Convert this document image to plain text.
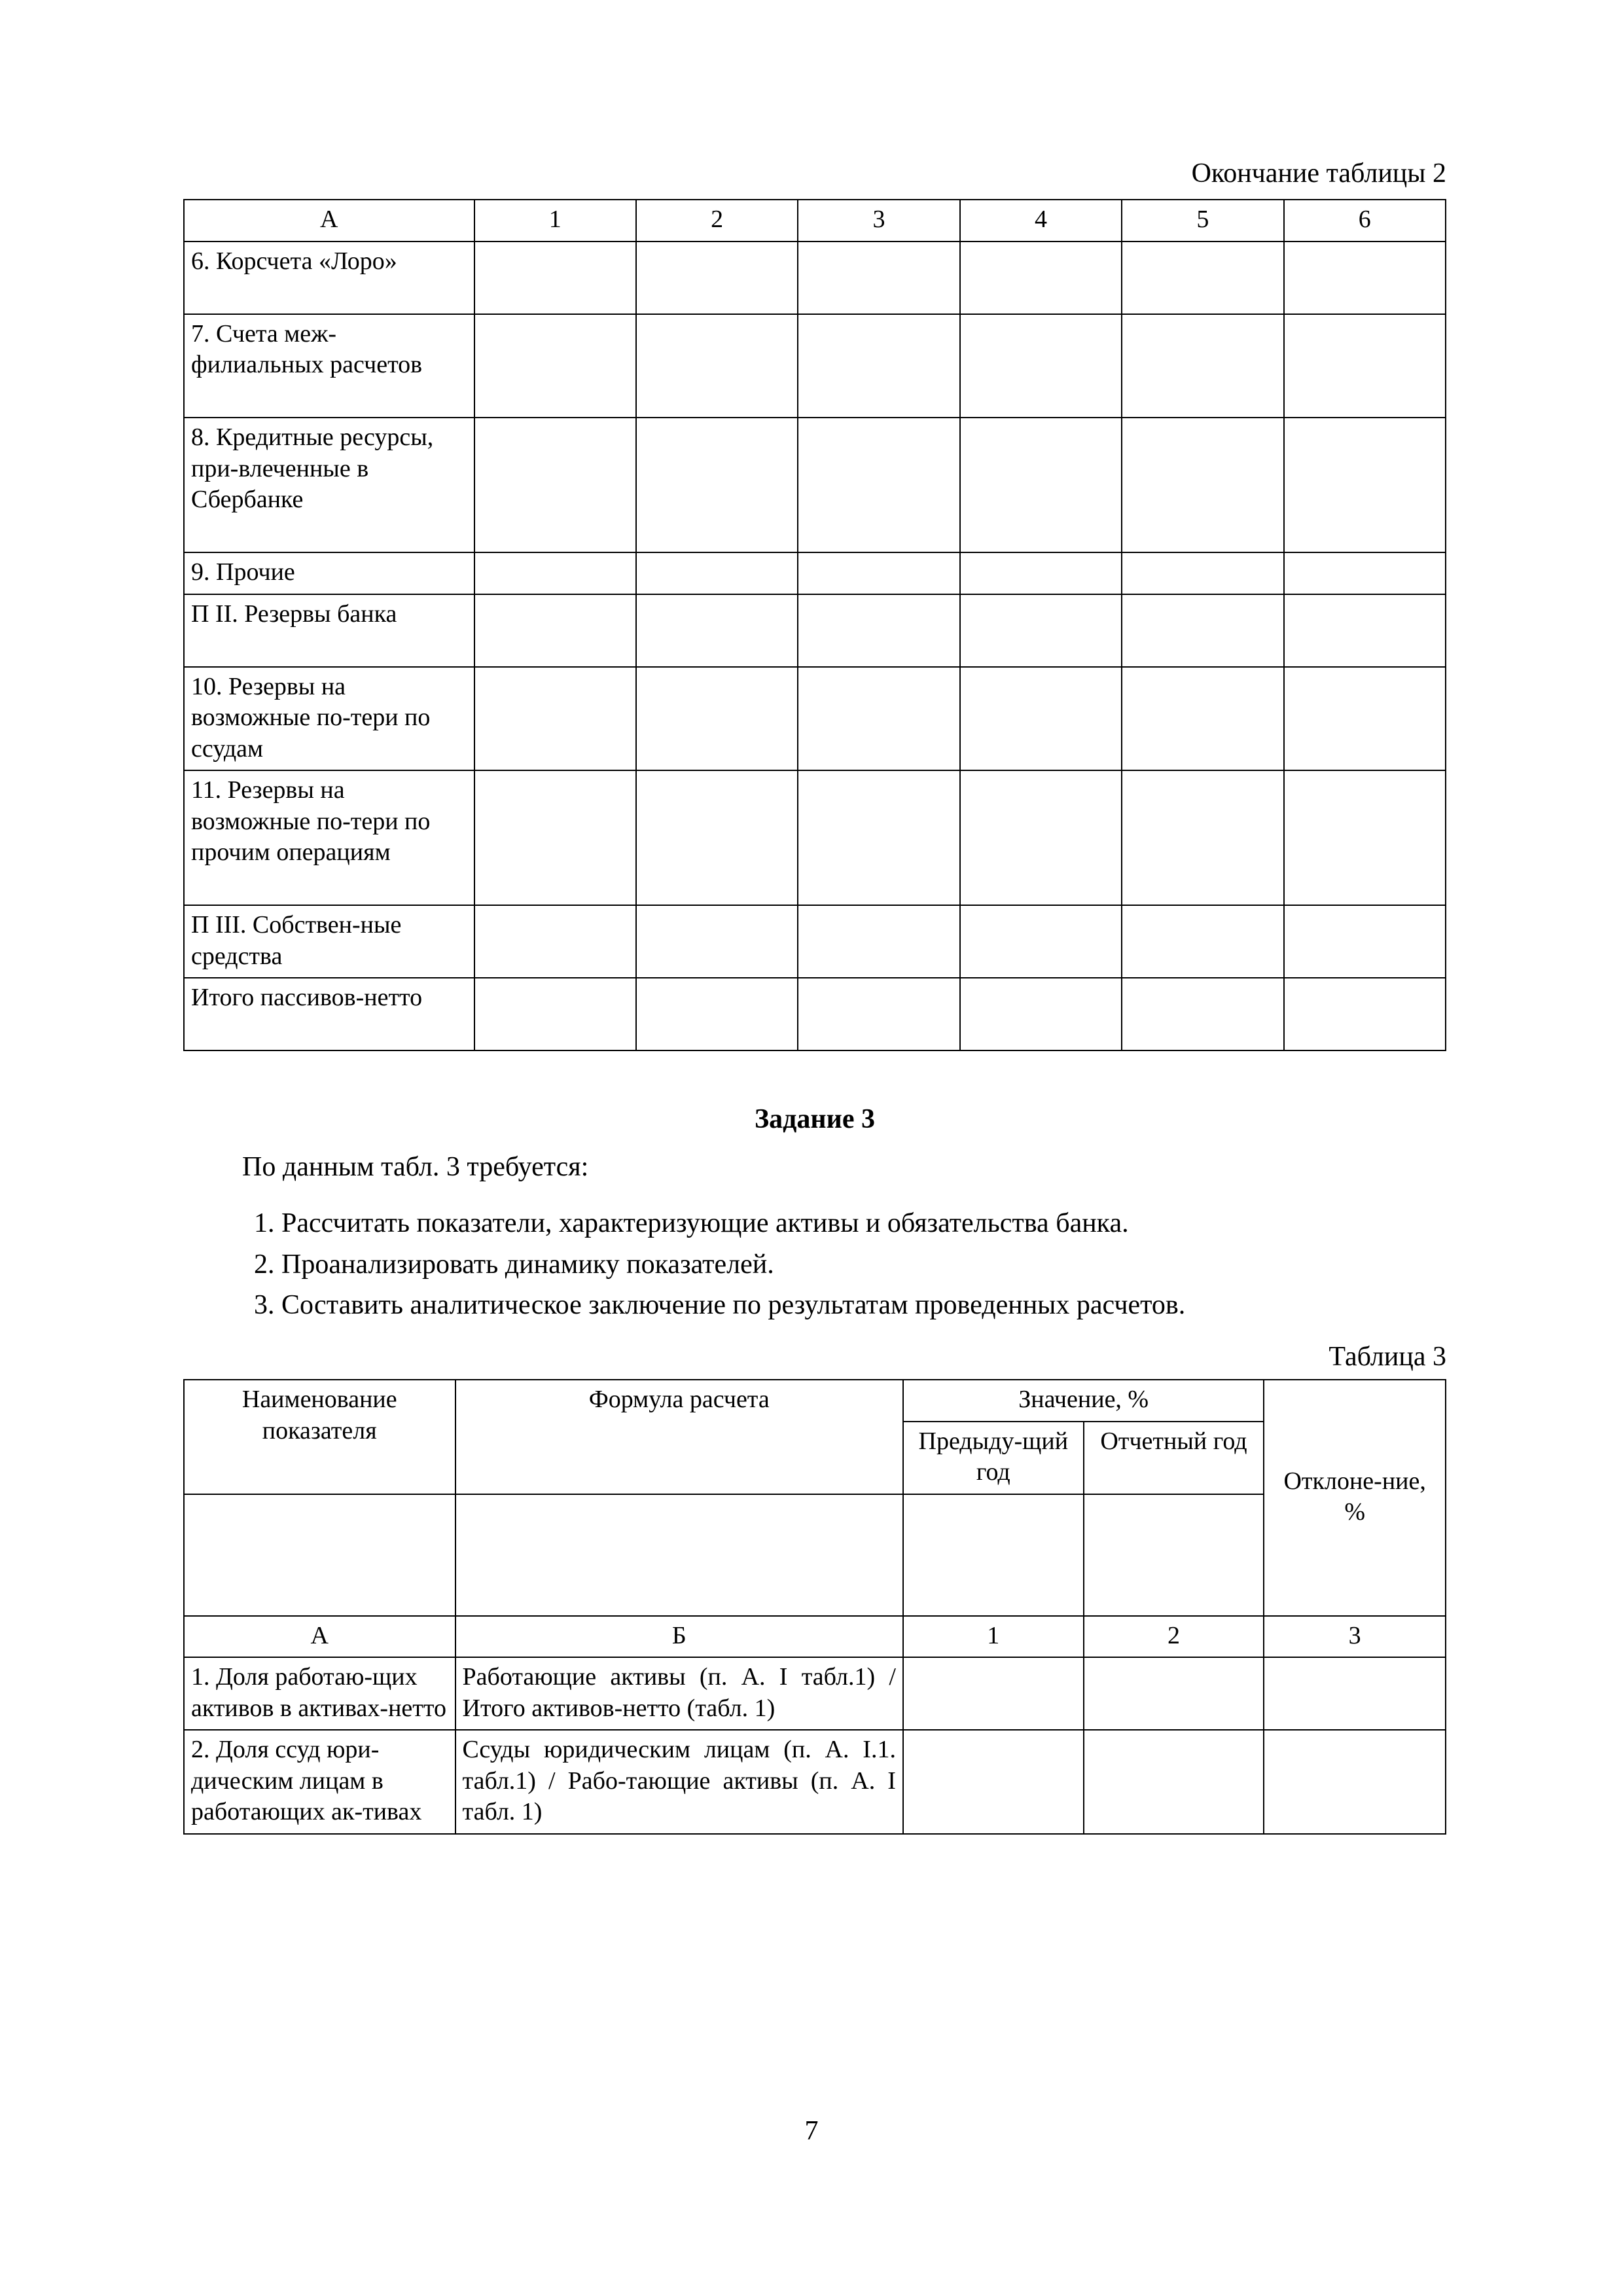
Окончание таблицы 2
А	1	2	3	4	5	6
6. Корсчета «Лоро»	

7. Счета меж-филиальных расчетов	

8. Кредитные ресурсы, при-влеченные в Сбербанке	

9. Прочие						
П II. Резервы банка	

10. Резервы на возможные по-тери по ссудам	

11. Резервы на возможные по-тери по прочим операциям	

П III. Собствен-ные средства	

Итого пассивов-нетто	

Задание 3
По данным табл. 3 требуется:
1. Рассчитать показатели, характеризующие активы и обязательства банка.
2. Проанализировать динамику показателей.
3. Составить аналитическое заключение по результатам проведенных расчетов.
Таблица 3
Наименование показателя	Формула расчета	Значение, %		Отклоне-ние, %
		Предыду-щий год	Отчетный год	

А	Б	1	2	3
1. Доля работаю-щих активов в активах-нетто	Работающие активы (п. А. I табл.1) / Итого активов-нетто (табл. 1)			
2. Доля ссуд юри-дическим лицам в работающих ак-тивах	Ссуды юридическим лицам (п. А. I.1. табл.1) / Рабо-тающие активы (п. А. I табл. 1)			
7
